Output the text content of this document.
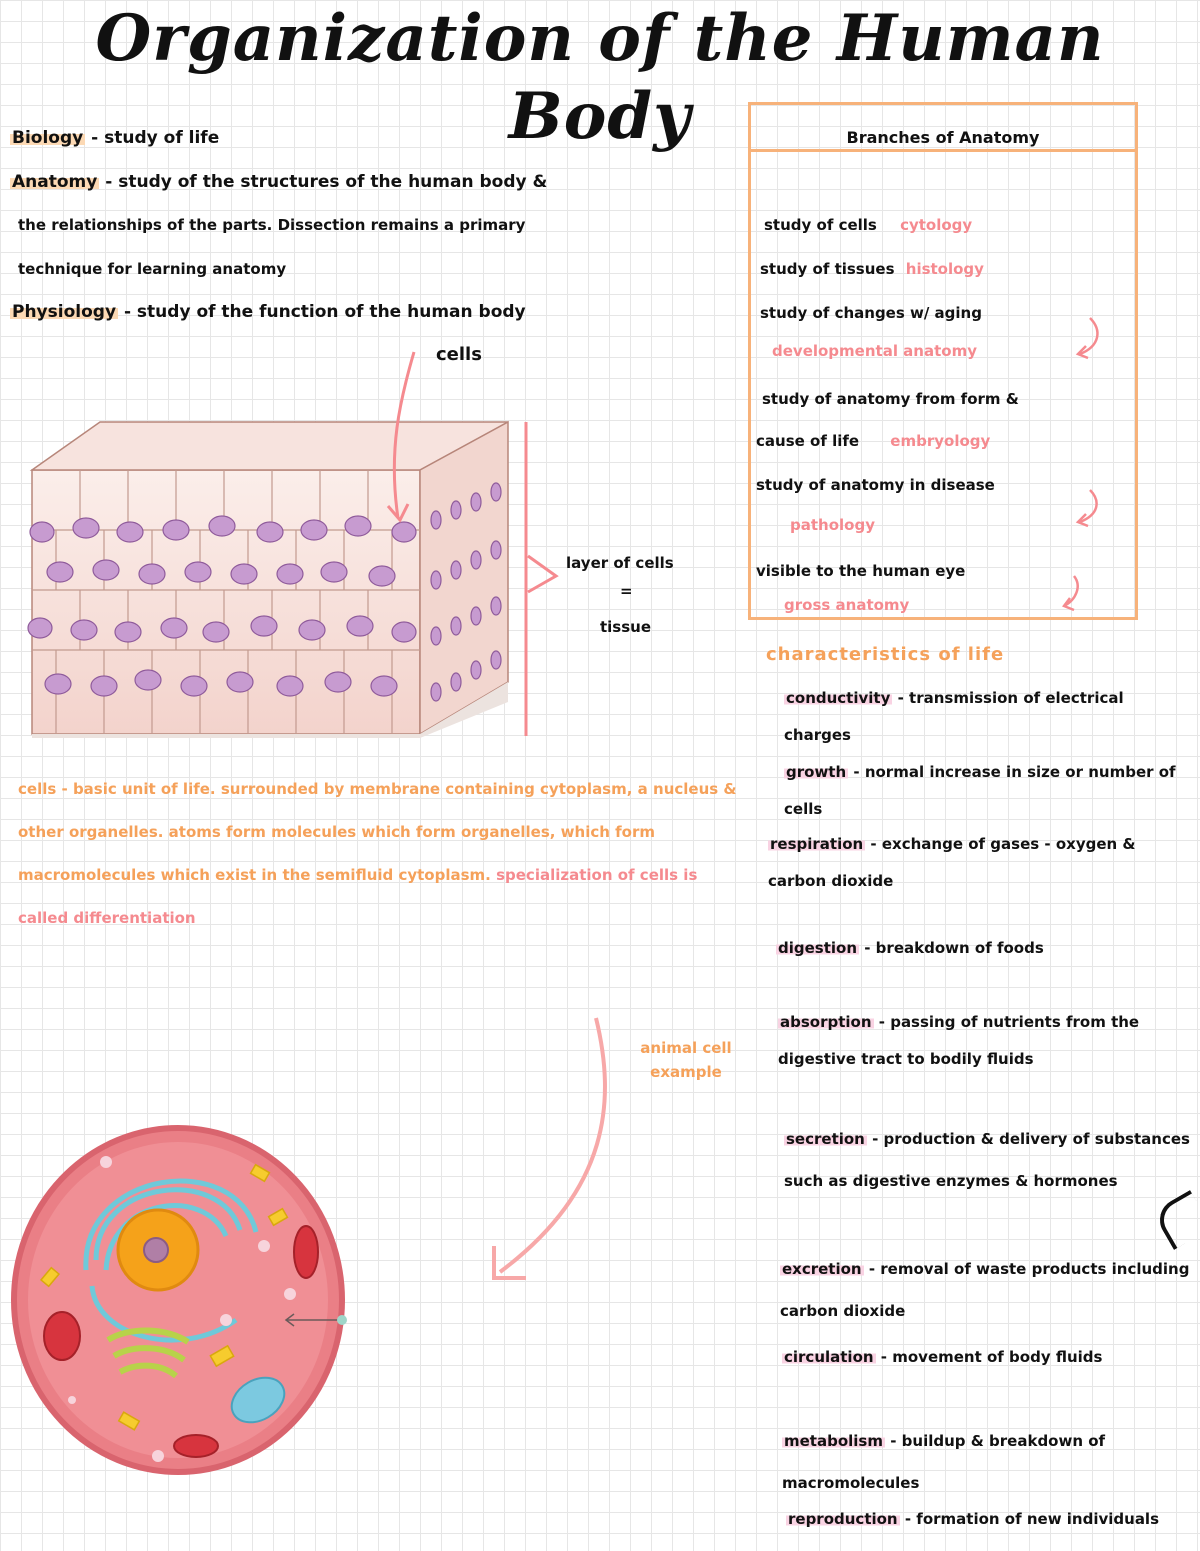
Organization of the Human Body
Biology - study of life
Anatomy - study of the structures of the human body &
the relationships of the parts. Dissection remains a primary
technique for learning anatomy
Physiology - study of the function of the human body
cells
layer of cells
=
tissue
Branches of Anatomy
study of cells cytology
study of tissues histology
study of changes w/ aging
developmental anatomy
study of anatomy from form &
cause of life embryology
study of anatomy in disease
pathology
visible to the human eye
gross anatomy
characteristics of life
conductivity - transmission of electrical charges
growth - normal increase in size or number of cells
respiration - exchange of gases - oxygen & carbon dioxide
digestion - breakdown of foods
absorption - passing of nutrients from the digestive tract to bodily fluids
secretion - production & delivery of substances such as digestive enzymes & hormones
excretion - removal of waste products including carbon dioxide
circulation - movement of body fluids
metabolism - buildup & breakdown of macromolecules
reproduction - formation of new individuals
cells - basic unit of life. surrounded by membrane containing cytoplasm, a nucleus & other organelles. atoms form molecules which form organelles, which form macromolecules which exist in the semifluid cytoplasm. specialization of cells is called differentiation
animal cell example
